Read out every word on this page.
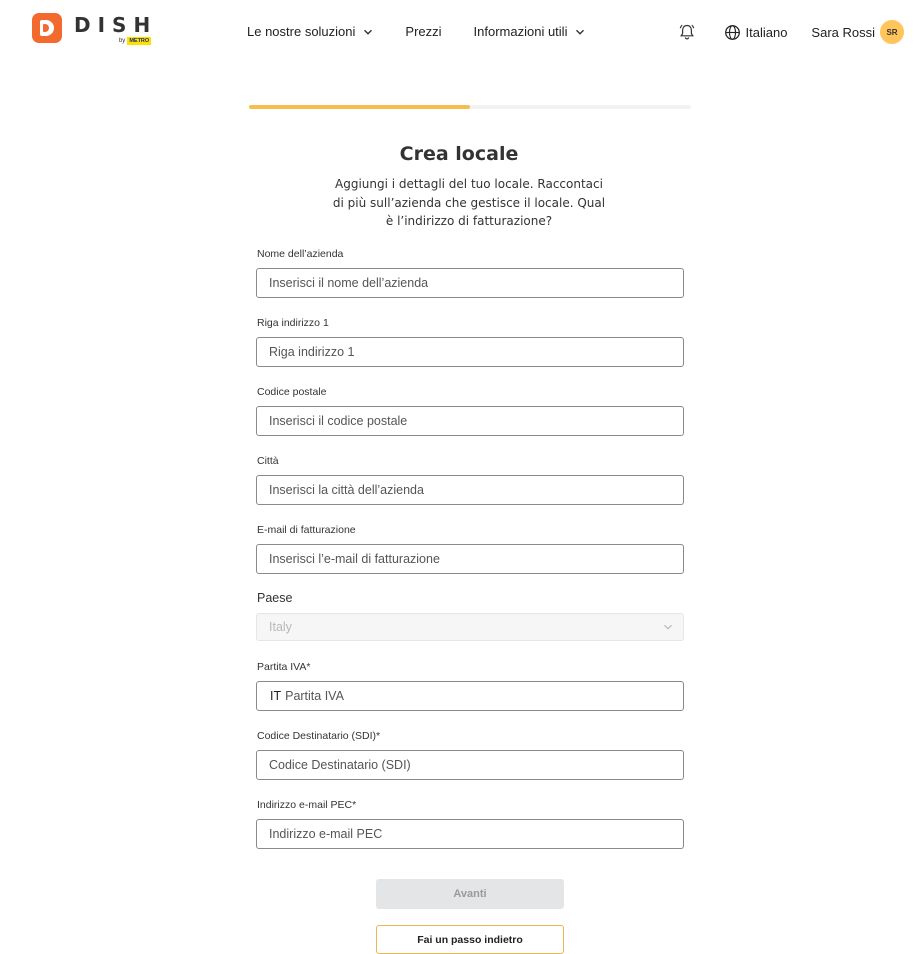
DISH
by METRO
Le nostre soluzioni	Prezzi Informazioni utili	Italiano Sara Rossi	SR
Crea locale

Aggiungi i dettagli del tuo locale. Raccontaci di più sull’azienda che gestisce il locale. Qual è l’indirizzo di fatturazione?

Nome dell’azienda
Inserisci il nome dell’azienda
Riga indirizzo 1
Riga indirizzo 1
Codice postale
Inserisci il codice postale
Città
Inserisci la città dell’azienda
E-mail di fatturazione
Inserisci l’e-mail di fatturazione
Paese
Italy
Partita IVA*
IT
Partita IVA
Codice Destinatario (SDI)*
Codice Destinatario (SDI)
Indirizzo e-mail PEC*
Indirizzo e-mail PEC
Avanti
Fai un passo indietro
